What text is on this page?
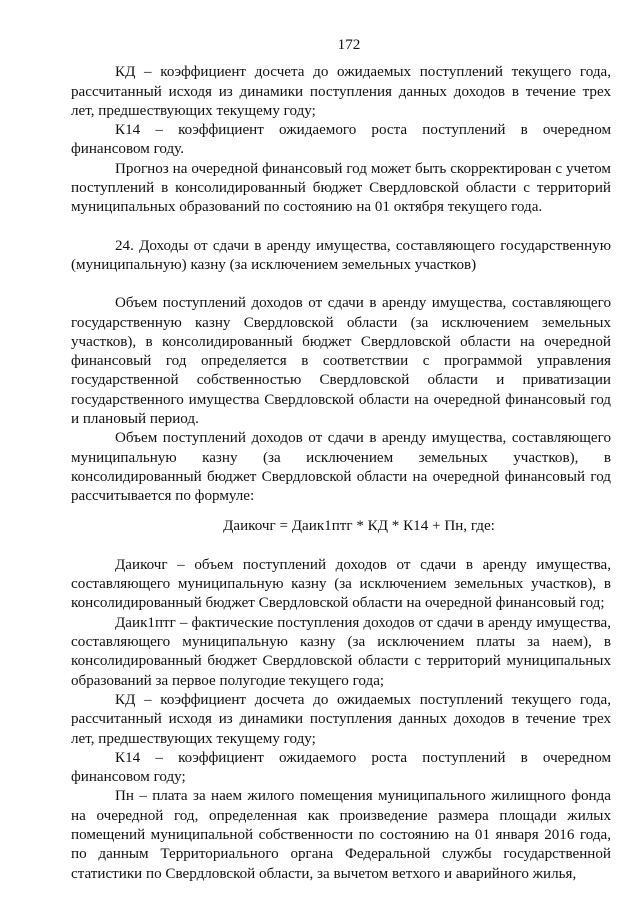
172

КД – коэффициент досчета до ожидаемых поступлений текущего года, рассчитанный исходя из динамики поступления данных доходов в течение трех лет, предшествующих текущему году;

К14 – коэффициент ожидаемого роста поступлений в очередном финансовом году.

Прогноз на очередной финансовый год может быть скорректирован с учетом поступлений в консолидированный бюджет Свердловской области с территорий муниципальных образований по состоянию на 01 октября текущего года.

24. Доходы от сдачи в аренду имущества, составляющего государственную (муниципальную) казну (за исключением земельных участков)

Объем поступлений доходов от сдачи в аренду имущества, составляющего государственную казну Свердловской области (за исключением земельных участков), в консолидированный бюджет Свердловской области на очередной финансовый год определяется в соответствии с программой управления государственной собственностью Свердловской области и приватизации государственного имущества Свердловской области на очередной финансовый год и плановый период.

Объем поступлений доходов от сдачи в аренду имущества, составляющего муниципальную казну (за исключением земельных участков), в консолидированный бюджет Свердловской области на очередной финансовый год рассчитывается по формуле:

Даикочг = Даик1птг * КД * К14 + Пн, где:

Даикочг – объем поступлений доходов от сдачи в аренду имущества, составляющего муниципальную казну (за исключением земельных участков), в консолидированный бюджет Свердловской области на очередной финансовый год;

Даик1птг – фактические поступления доходов от сдачи в аренду имущества, составляющего муниципальную казну (за исключением платы за наем), в консолидированный бюджет Свердловской области с территорий муниципальных образований за первое полугодие текущего года;

КД – коэффициент досчета до ожидаемых поступлений текущего года, рассчитанный исходя из динамики поступления данных доходов в течение трех лет, предшествующих текущему году;

К14 – коэффициент ожидаемого роста поступлений в очередном финансовом году;

Пн – плата за наем жилого помещения муниципального жилищного фонда на очередной год, определенная как произведение размера площади жилых помещений муниципальной собственности по состоянию на 01 января 2016 года, по данным Территориального органа Федеральной службы государственной статистики по Свердловской области, за вычетом ветхого и аварийного жилья,
